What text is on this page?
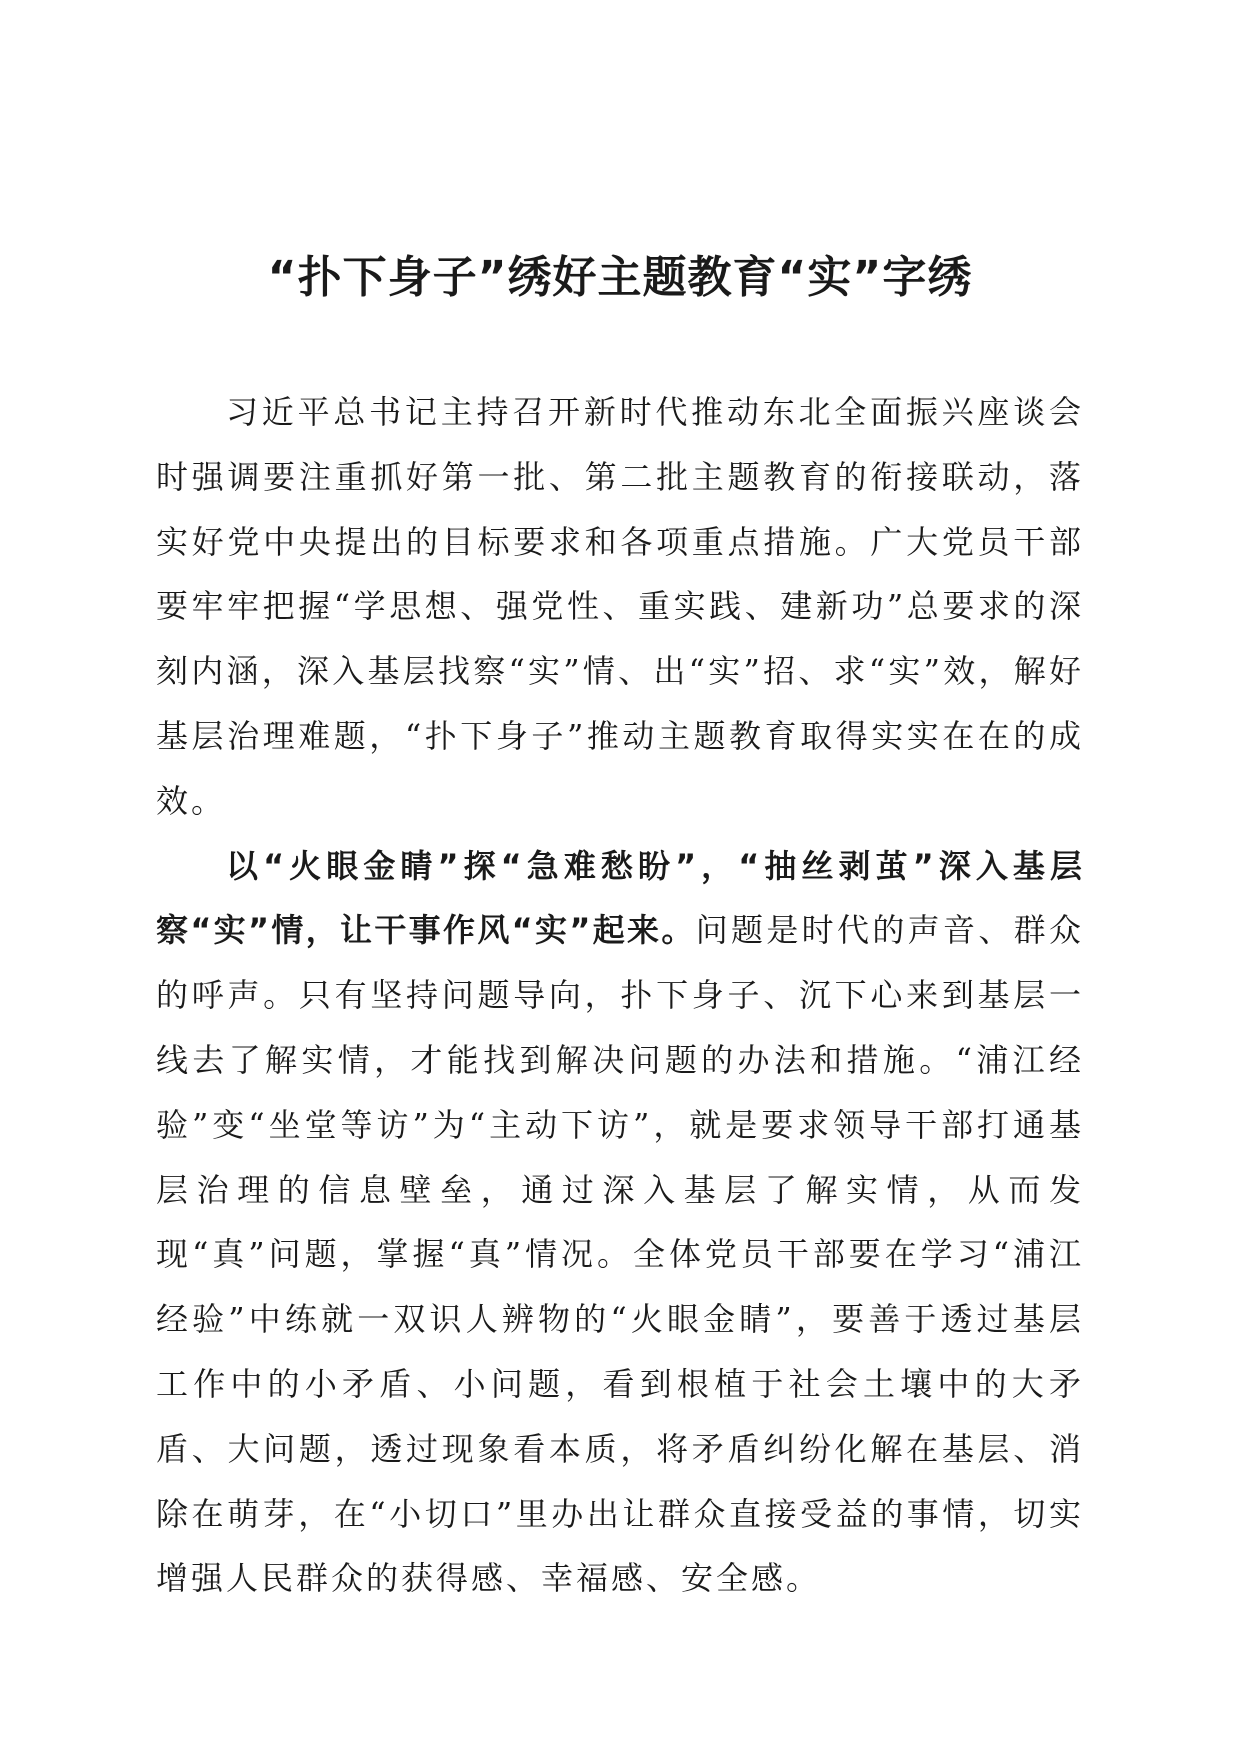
“扑下身子”绣好主题教育“实”字绣

习近平总书记主持召开新时代推动东北全面振兴座谈会时强调要注重抓好第一批、第二批主题教育的衔接联动，落实好党中央提出的目标要求和各项重点措施。广大党员干部要牢牢把握“学思想、强党性、重实践、建新功”总要求的深刻内涵，深入基层找察“实”情、出“实”招、求“实”效，解好基层治理难题，“扑下身子”推动主题教育取得实实在在的成效。

以“火眼金睛”探“急难愁盼”，“抽丝剥茧”深入基层察“实”情，让干事作风“实”起来。问题是时代的声音、群众的呼声。只有坚持问题导向，扑下身子、沉下心来到基层一线去了解实情，才能找到解决问题的办法和措施。“浦江经验”变“坐堂等访”为“主动下访”，就是要求领导干部打通基层治理的信息壁垒，通过深入基层了解实情，从而发现“真”问题，掌握“真”情况。全体党员干部要在学习“浦江经验”中练就一双识人辨物的“火眼金睛”，要善于透过基层工作中的小矛盾、小问题，看到根植于社会土壤中的大矛盾、大问题，透过现象看本质，将矛盾纠纷化解在基层、消除在萌芽，在“小切口”里办出让群众直接受益的事情，切实增强人民群众的获得感、幸福感、安全感。
